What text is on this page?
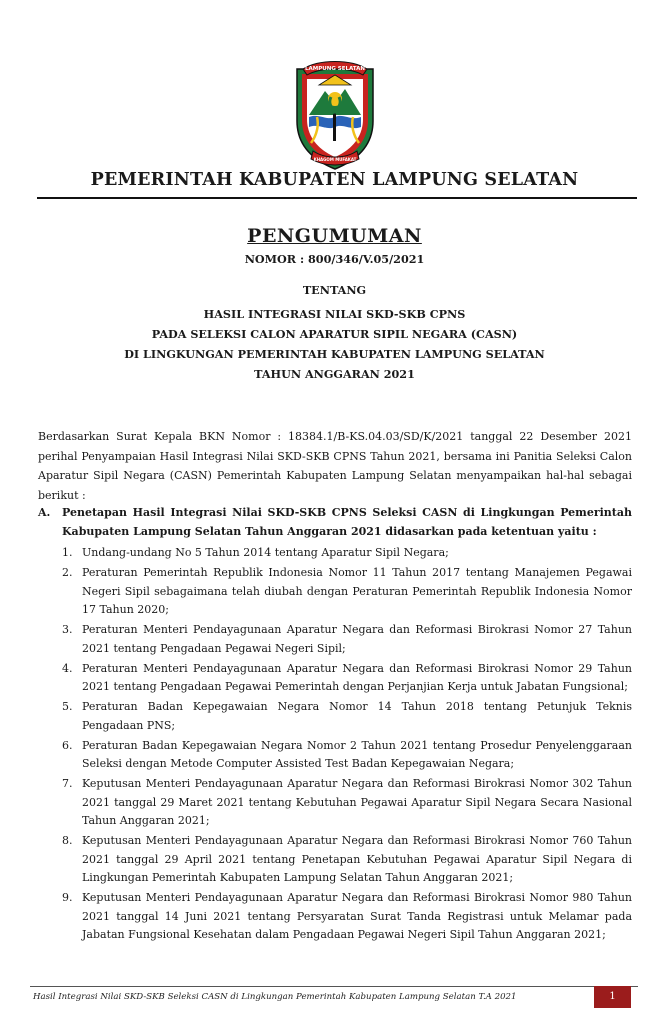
LAMPUNG SELATAN
KHAGOM MUFAKAT
PEMERINTAH KABUPATEN LAMPUNG SELATAN
PENGUMUMAN
NOMOR : 800/346/V.05/2021
TENTANG
HASIL INTEGRASI NILAI SKD-SKB CPNS
PADA SELEKSI CALON APARATUR SIPIL NEGARA (CASN)
DI LINGKUNGAN PEMERINTAH KABUPATEN LAMPUNG SELATAN
TAHUN ANGGARAN 2021
Berdasarkan Surat Kepala BKN Nomor : 18384.1/B-KS.04.03/SD/K/2021 tanggal 22 Desember 2021 perihal Penyampaian Hasil Integrasi Nilai SKD-SKB CPNS Tahun 2021, bersama ini Panitia Seleksi Calon Aparatur Sipil Negara (CASN) Pemerintah Kabupaten Lampung Selatan menyampaikan hal-hal sebagai berikut :
A.	Penetapan Hasil Integrasi Nilai SKD-SKB CPNS Seleksi CASN di Lingkungan Pemerintah Kabupaten Lampung Selatan Tahun Anggaran 2021 didasarkan pada ketentuan yaitu :
1. Undang-undang No 5 Tahun 2014 tentang Aparatur Sipil Negara;
2. Peraturan Pemerintah Republik Indonesia Nomor 11 Tahun 2017 tentang Manajemen Pegawai Negeri Sipil sebagaimana telah diubah dengan Peraturan Pemerintah Republik Indonesia Nomor 17 Tahun 2020;
3. Peraturan Menteri Pendayagunaan Aparatur Negara dan Reformasi Birokrasi Nomor 27 Tahun 2021 tentang Pengadaan Pegawai Negeri Sipil;
4. Peraturan Menteri Pendayagunaan Aparatur Negara dan Reformasi Birokrasi Nomor 29 Tahun 2021 tentang Pengadaan Pegawai Pemerintah dengan Perjanjian Kerja untuk Jabatan Fungsional;
5. Peraturan Badan Kepegawaian Negara Nomor 14 Tahun 2018 tentang Petunjuk Teknis Pengadaan PNS;
6. Peraturan Badan Kepegawaian Negara Nomor 2 Tahun 2021 tentang Prosedur Penyelenggaraan Seleksi dengan Metode Computer Assisted Test Badan Kepegawaian Negara;
7. Keputusan Menteri Pendayagunaan Aparatur Negara dan Reformasi Birokrasi Nomor 302 Tahun 2021 tanggal 29 Maret 2021 tentang Kebutuhan Pegawai Aparatur Sipil Negara Secara Nasional Tahun Anggaran 2021;
8. Keputusan Menteri Pendayagunaan Aparatur Negara dan Reformasi Birokrasi Nomor 760 Tahun 2021 tanggal 29 April 2021 tentang Penetapan Kebutuhan Pegawai Aparatur Sipil Negara di Lingkungan Pemerintah Kabupaten Lampung Selatan Tahun Anggaran 2021;
9. Keputusan Menteri Pendayagunaan Aparatur Negara dan Reformasi Birokrasi Nomor 980 Tahun 2021 tanggal 14 Juni 2021 tentang Persyaratan Surat Tanda Registrasi untuk Melamar pada Jabatan Fungsional Kesehatan dalam Pengadaan Pegawai Negeri Sipil Tahun Anggaran 2021;
Hasil Integrasi Nilai SKD-SKB Seleksi CASN di Lingkungan Pemerintah Kabupaten Lampung Selatan T.A 2021	1
